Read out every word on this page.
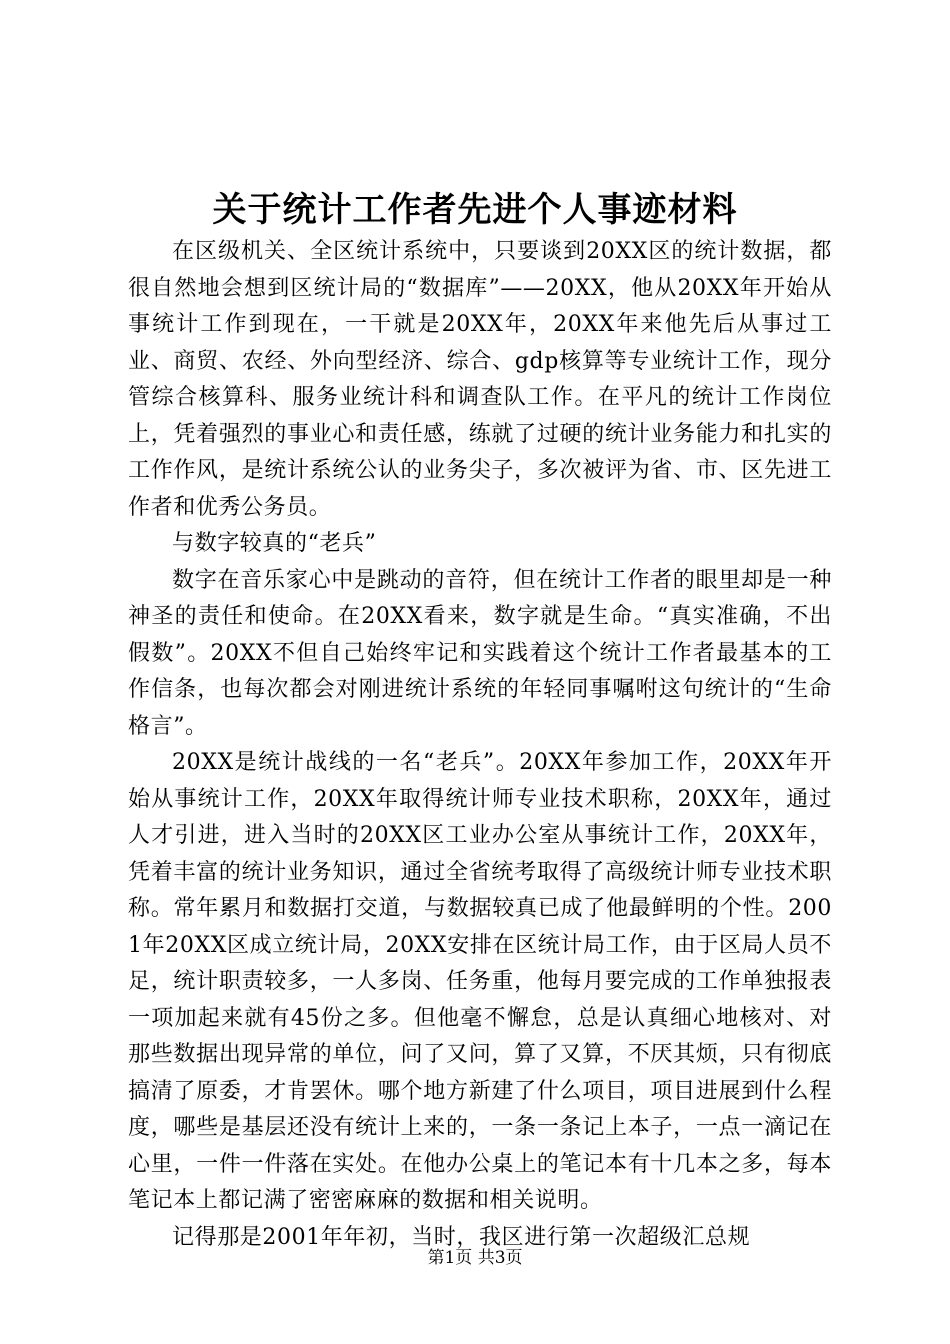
关于统计工作者先进个人事迹材料

在区级机关、全区统计系统中，只要谈到20XX区的统计数据，都很自然地会想到区统计局的“数据库”——20XX，他从20XX年开始从事统计工作到现在，一干就是20XX年，20XX年来他先后从事过工业、商贸、农经、外向型经济、综合、gdp核算等专业统计工作，现分管综合核算科、服务业统计科和调查队工作。在平凡的统计工作岗位上，凭着强烈的事业心和责任感，练就了过硬的统计业务能力和扎实的工作作风，是统计系统公认的业务尖子，多次被评为省、市、区先进工作者和优秀公务员。

与数字较真的“老兵”

数字在音乐家心中是跳动的音符，但在统计工作者的眼里却是一种神圣的责任和使命。在20XX看来，数字就是生命。“真实准确，不出假数”。20XX不但自己始终牢记和实践着这个统计工作者最基本的工作信条，也每次都会对刚进统计系统的年轻同事嘱咐这句统计的“生命格言”。

20XX是统计战线的一名“老兵”。20XX年参加工作，20XX年开始从事统计工作，20XX年取得统计师专业技术职称，20XX年，通过人才引进，进入当时的20XX区工业办公室从事统计工作，20XX年，凭着丰富的统计业务知识，通过全省统考取得了高级统计师专业技术职称。常年累月和数据打交道，与数据较真已成了他最鲜明的个性。2001年20XX区成立统计局，20XX安排在区统计局工作，由于区局人员不足，统计职责较多，一人多岗、任务重，他每月要完成的工作单独报表一项加起来就有45份之多。但他毫不懈怠，总是认真细心地核对、对那些数据出现异常的单位，问了又问，算了又算，不厌其烦，只有彻底搞清了原委，才肯罢休。哪个地方新建了什么项目，项目进展到什么程度，哪些是基层还没有统计上来的，一条一条记上本子，一点一滴记在心里，一件一件落在实处。在他办公桌上的笔记本有十几本之多，每本笔记本上都记满了密密麻麻的数据和相关说明。

记得那是2001年年初，当时，我区进行第一次超级汇总规

第1页 共3页
